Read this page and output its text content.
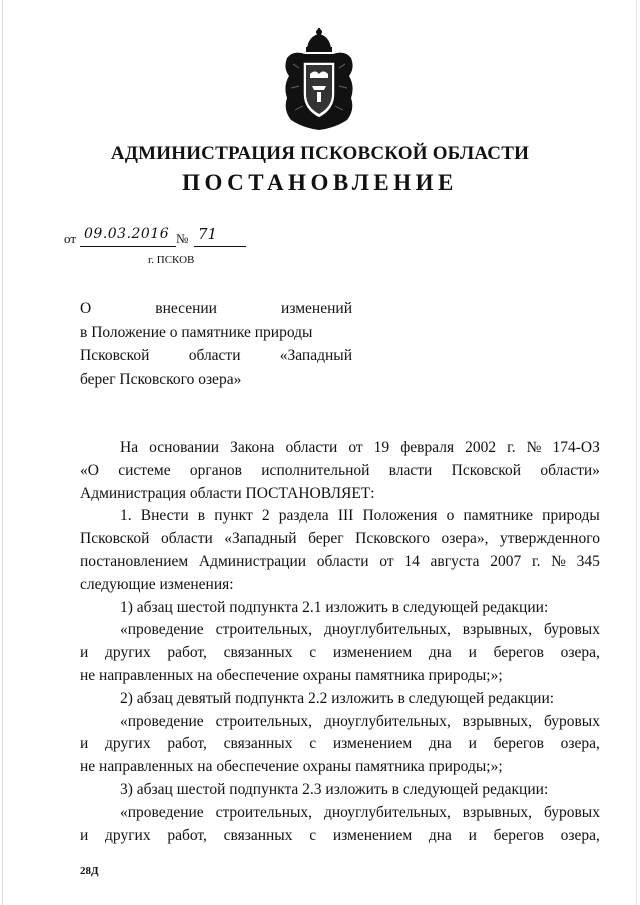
АДМИНИСТРАЦИЯ ПСКОВСКОЙ ОБЛАСТИ
ПОСТАНОВЛЕНИЕ
от 09.03.2016 № 71
г. ПСКОВ
О	внесении	изменений
в Положение о памятнике природы
Псковской	области	«Западный
берег Псковского озера»
На основании Закона области от 19 февраля 2002 г. № 174-ОЗ
«О системе органов исполнительной власти Псковской области»
Администрация области ПОСТАНОВЛЯЕТ:
1. Внести в пункт 2 раздела III Положения о памятнике природы
Псковской области «Западный берег Псковского озера», утвержденного
постановлением Администрации области от 14 августа 2007 г. № 345
следующие изменения:
1) абзац шестой подпункта 2.1 изложить в следующей редакции:
«проведение строительных, дноуглубительных, взрывных, буровых
и других работ, связанных с изменением дна и берегов озера,
не направленных на обеспечение охраны памятника природы;»;
2) абзац девятый подпункта 2.2 изложить в следующей редакции:
«проведение строительных, дноуглубительных, взрывных, буровых
и других работ, связанных с изменением дна и берегов озера,
не направленных на обеспечение охраны памятника природы;»;
3) абзац шестой подпункта 2.3 изложить в следующей редакции:
«проведение строительных, дноуглубительных, взрывных, буровых
и других работ, связанных с изменением дна и берегов озера,
28Д
